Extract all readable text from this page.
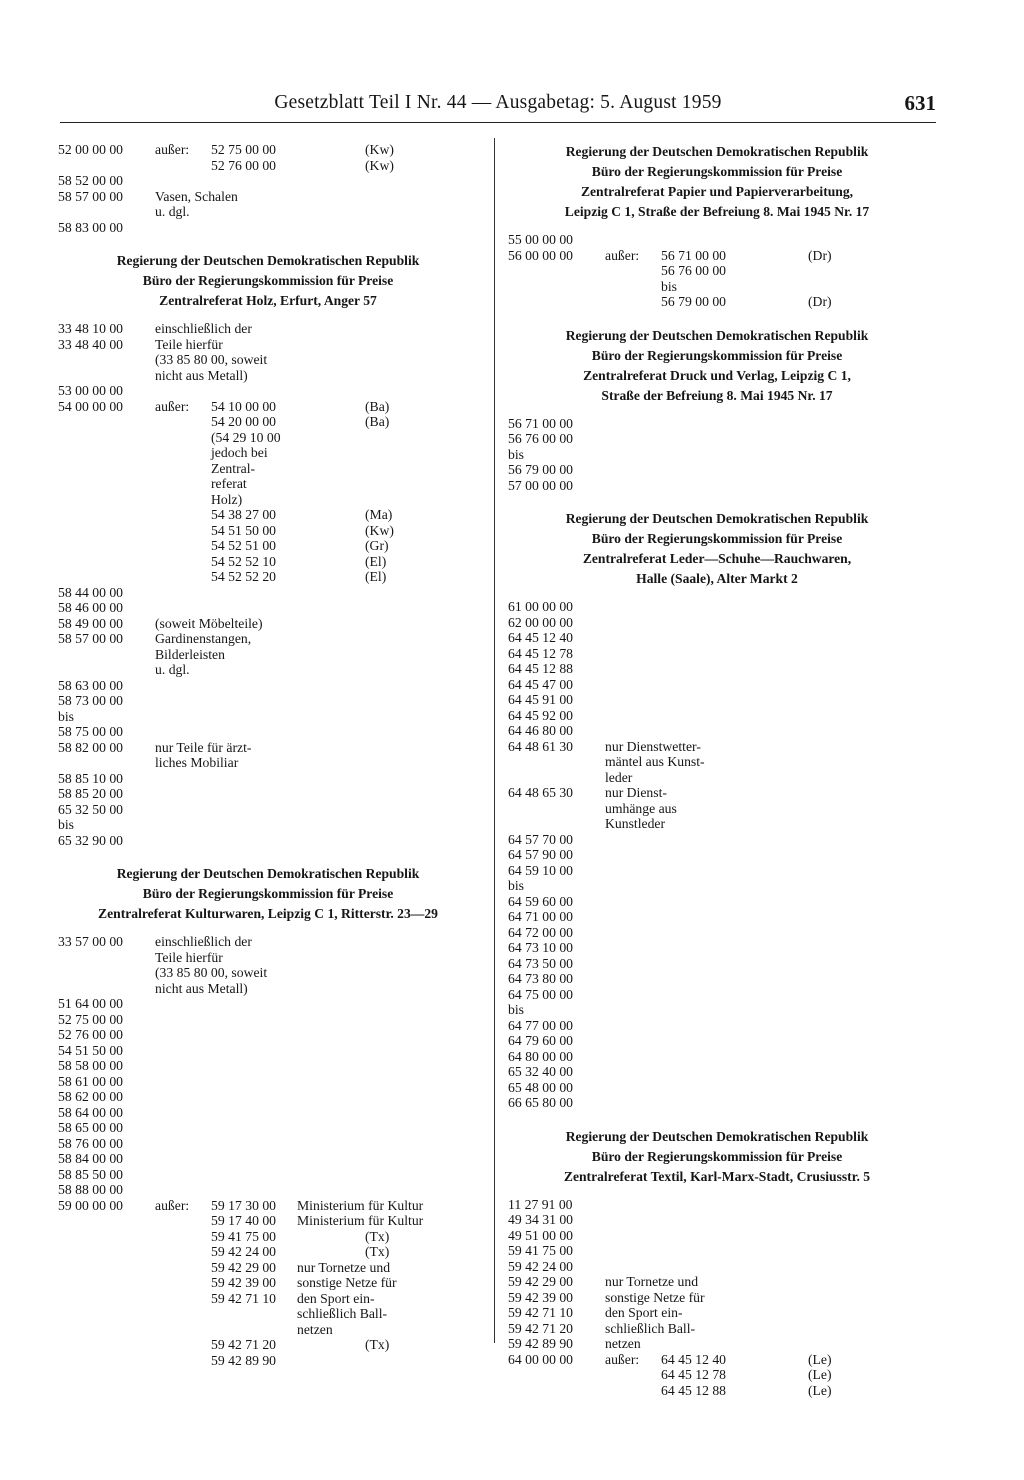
Gesetzblatt Teil I Nr. 44 — Ausgabetag: 5. August 1959	631
52 00 00 00 außer: 52 75 00 00	(Kw)
52 76 00 00	(Kw)
58 52 00 00
58 57 00 00 Vasen, Schalen
u. dgl.
58 83 00 00
Regierung der Deutschen Demokratischen Republik
Büro der Regierungskommission für Preise
Zentralreferat Holz, Erfurt, Anger 57
33 48 10 00 einschließlich der
33 48 40 00 Teile hierfür
(33 85 80 00, soweit
nicht aus Metall)
53 00 00 00
54 00 00 00 außer: 54 10 00 00	(Ba)
54 20 00 00	(Ba)
(54 29 10 00
jedoch bei
Zentral-
referat
Holz)
54 38 27 00	(Ma)
54 51 50 00	(Kw)
54 52 51 00	(Gr)
54 52 52 10	(El)
54 52 52 20	(El)
58 44 00 00
58 46 00 00
58 49 00 00 (soweit Möbelteile)
58 57 00 00 Gardinenstangen,
Bilderleisten
u. dgl.
58 63 00 00
58 73 00 00
bis
58 75 00 00
58 82 00 00 nur Teile für ärzt-
liches Mobiliar
58 85 10 00
58 85 20 00
65 32 50 00
bis
65 32 90 00
Regierung der Deutschen Demokratischen Republik
Büro der Regierungskommission für Preise
Zentralreferat Kulturwaren, Leipzig C 1, Ritterstr. 23—29
33 57 00 00 einschließlich der
Teile hierfür
(33 85 80 00, soweit
nicht aus Metall)
51 64 00 00
52 75 00 00
52 76 00 00
54 51 50 00
58 58 00 00
58 61 00 00
58 62 00 00
58 64 00 00
58 65 00 00
58 76 00 00
58 84 00 00
58 85 50 00
58 88 00 00
59 00 00 00 außer: 59 17 30 00 Ministerium für Kultur
59 17 40 00 Ministerium für Kultur
59 41 75 00	(Tx)
59 42 24 00	(Tx)
59 42 29 00 nur Tornetze und
59 42 39 00 sonstige Netze für
59 42 71 10 den Sport ein-
schließlich Ball-
netzen
59 42 71 20	(Tx)
59 42 89 90
Regierung der Deutschen Demokratischen Republik
Büro der Regierungskommission für Preise
Zentralreferat Papier und Papierverarbeitung,
Leipzig C 1, Straße der Befreiung 8. Mai 1945 Nr. 17
55 00 00 00
56 00 00 00 außer: 56 71 00 00	(Dr)
56 76 00 00
bis
56 79 00 00	(Dr)
Regierung der Deutschen Demokratischen Republik
Büro der Regierungskommission für Preise
Zentralreferat Druck und Verlag, Leipzig C 1,
Straße der Befreiung 8. Mai 1945 Nr. 17
56 71 00 00
56 76 00 00
bis
56 79 00 00
57 00 00 00
Regierung der Deutschen Demokratischen Republik
Büro der Regierungskommission für Preise
Zentralreferat Leder—Schuhe—Rauchwaren,
Halle (Saale), Alter Markt 2
61 00 00 00
62 00 00 00
64 45 12 40
64 45 12 78
64 45 12 88
64 45 47 00
64 45 91 00
64 45 92 00
64 46 80 00
64 48 61 30 nur Dienstwetter-
mäntel aus Kunst-
leder
64 48 65 30 nur Dienst-
umhänge aus
Kunstleder
64 57 70 00
64 57 90 00
64 59 10 00
bis
64 59 60 00
64 71 00 00
64 72 00 00
64 73 10 00
64 73 50 00
64 73 80 00
64 75 00 00
bis
64 77 00 00
64 79 60 00
64 80 00 00
65 32 40 00
65 48 00 00
66 65 80 00
Regierung der Deutschen Demokratischen Republik
Büro der Regierungskommission für Preise
Zentralreferat Textil, Karl-Marx-Stadt, Crusiusstr. 5
11 27 91 00
49 34 31 00
49 51 00 00
59 41 75 00
59 42 24 00
59 42 29 00 nur Tornetze und
59 42 39 00 sonstige Netze für
59 42 71 10 den Sport ein-
59 42 71 20 schließlich Ball-
59 42 89 90 netzen
64 00 00 00 außer: 64 45 12 40	(Le)
64 45 12 78	(Le)
64 45 12 88	(Le)
